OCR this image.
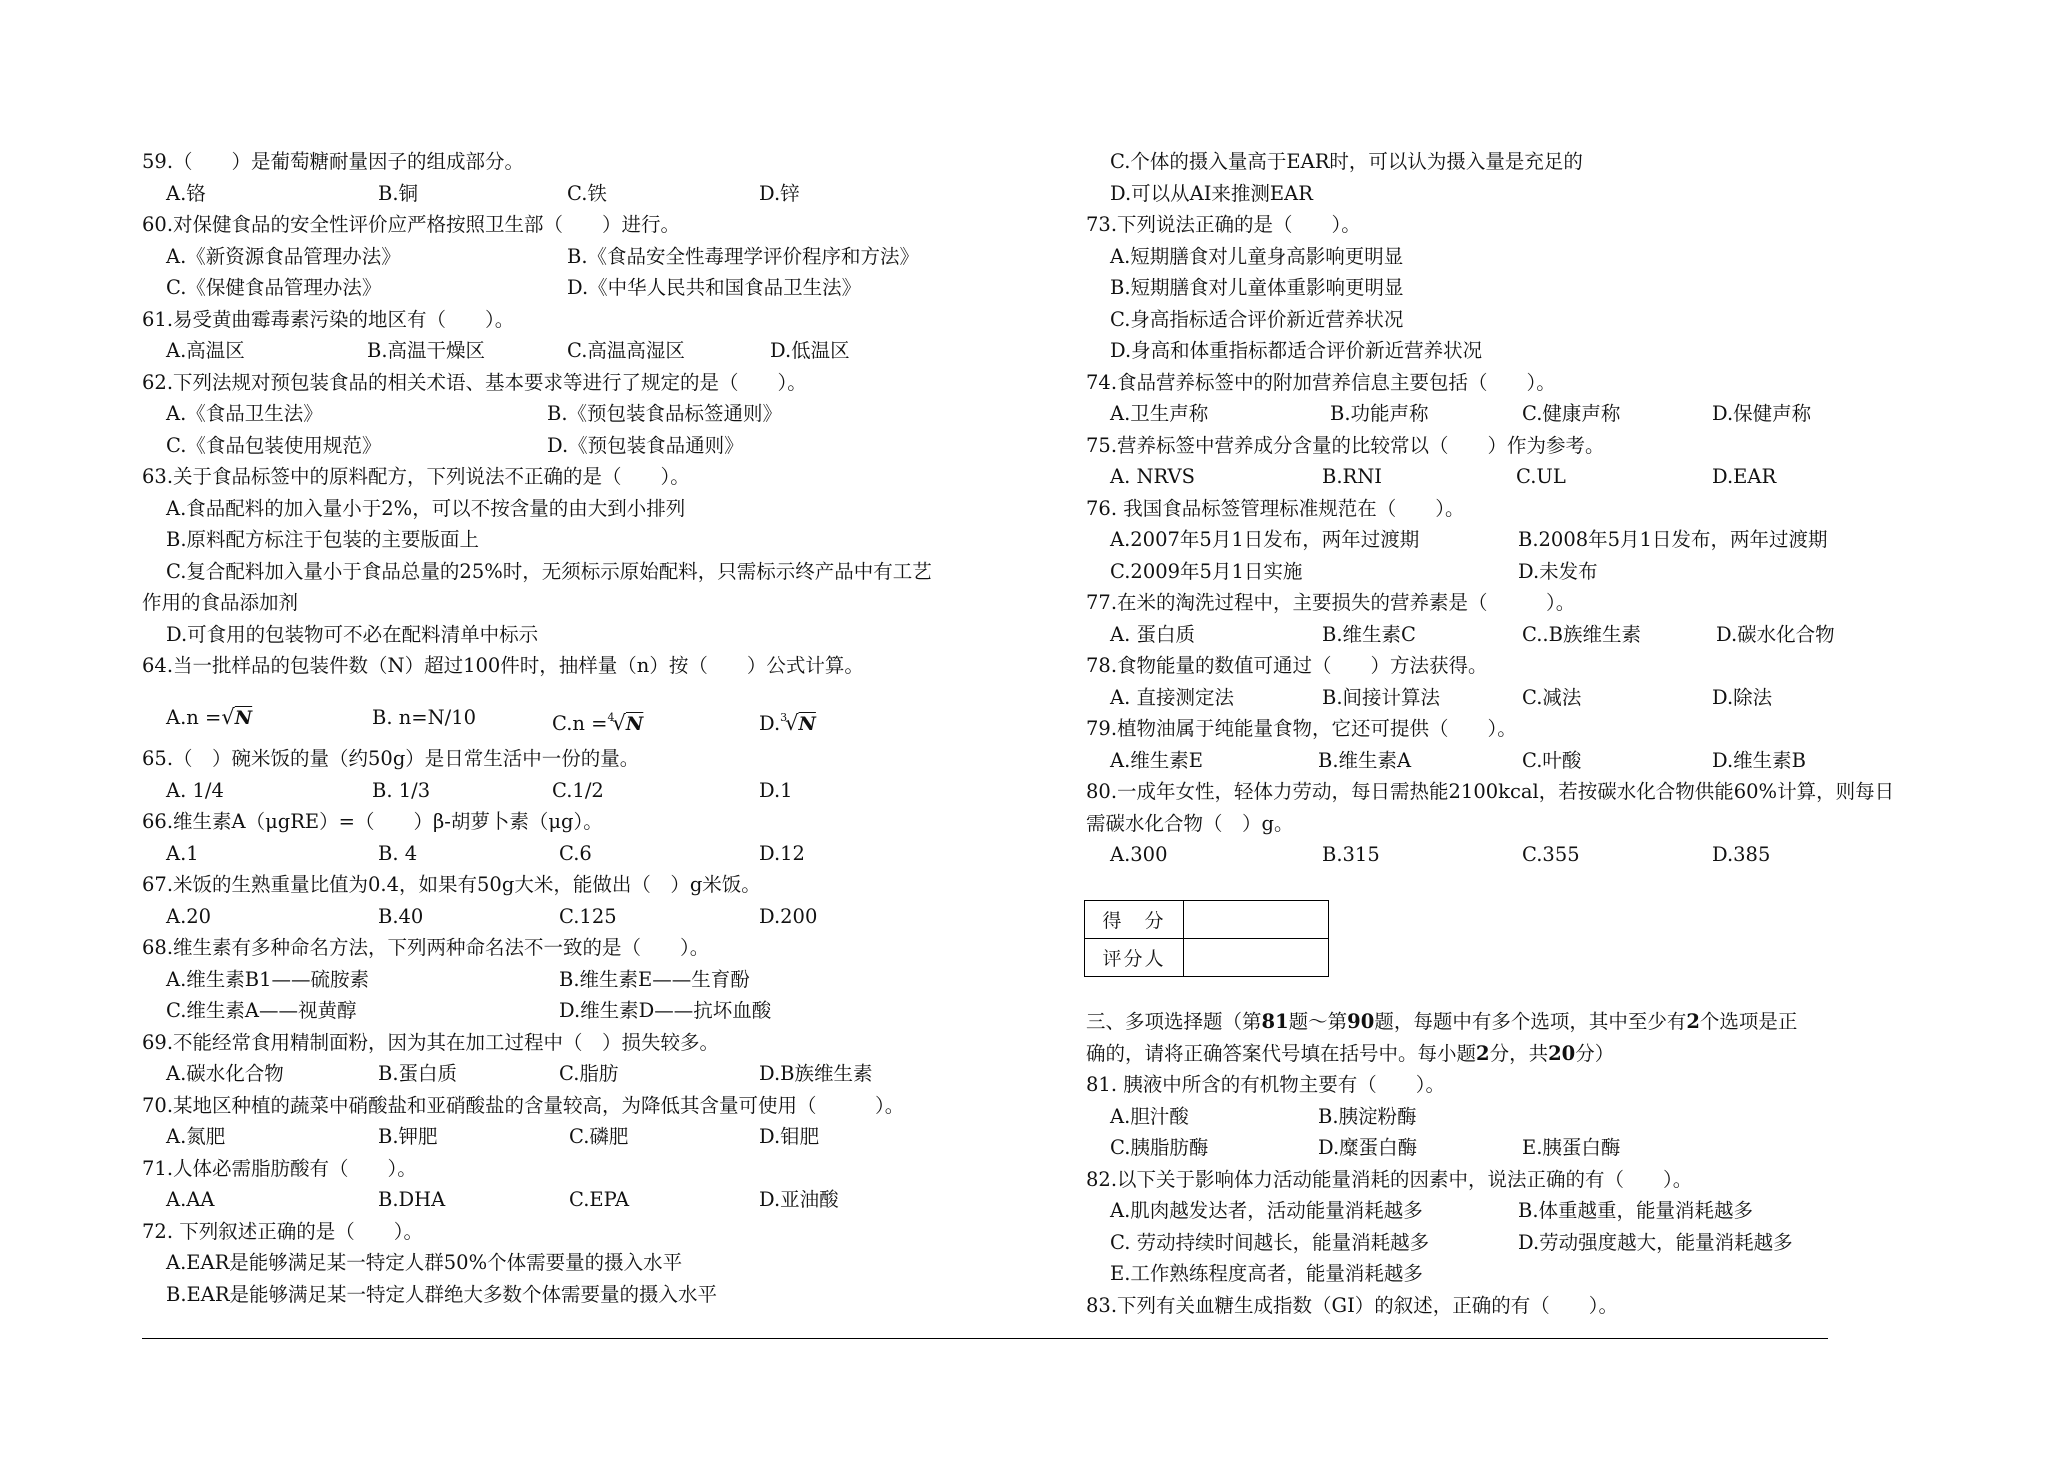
59.（　　）是葡萄糖耐量因子的组成部分。
A.铬	B.铜	C.铁	D.锌
60.对保健食品的安全性评价应严格按照卫生部（　　）进行。
A.《新资源食品管理办法》	B.《食品安全性毒理学评价程序和方法》
C.《保健食品管理办法》	D.《中华人民共和国食品卫生法》
61.易受黄曲霉毒素污染的地区有（　　）。
A.高温区	B.高温干燥区	C.高温高湿区	D.低温区
62.下列法规对预包装食品的相关术语、基本要求等进行了规定的是（　　）。
A.《食品卫生法》	B.《预包装食品标签通则》
C.《食品包装使用规范》	D.《预包装食品通则》
63.关于食品标签中的原料配方，下列说法不正确的是（　　）。
A.食品配料的加入量小于2%，可以不按含量的由大到小排列
B.原料配方标注于包装的主要版面上
C.复合配料加入量小于食品总量的25%时，无须标示原始配料，只需标示终产品中有工艺
作用的食品添加剂
D.可食用的包装物可不必在配料清单中标示
64.当一批样品的包装件数（N）超过100件时，抽样量（n）按（　　）公式计算。
A.n =√N	B. n=N/10	C.n =$^4$√N	D.$^3$√N
65.（　）碗米饭的量（约50g）是日常生活中一份的量。
A. 1/4	B. 1/3	C.1/2	D.1
66.维生素A（μgRE）=（　　）β-胡萝卜素（μg）。
A.1	B. 4	C.6	D.12
67.米饭的生熟重量比值为0.4，如果有50g大米，能做出（　）g米饭。
A.20	B.40	C.125	D.200
68.维生素有多种命名方法，下列两种命名法不一致的是（　　）。
A.维生素B1——硫胺素	B.维生素E——生育酚
C.维生素A——视黄醇	D.维生素D——抗坏血酸
69.不能经常食用精制面粉，因为其在加工过程中（　）损失较多。
A.碳水化合物	B.蛋白质	C.脂肪	D.B族维生素
70.某地区种植的蔬菜中硝酸盐和亚硝酸盐的含量较高，为降低其含量可使用（　　　）。
A.氮肥	B.钾肥	C.磷肥	D.钼肥
71.人体必需脂肪酸有（　　）。
A.AA	B.DHA	C.EPA	D.亚油酸
72. 下列叙述正确的是（　　）。
A.EAR是能够满足某一特定人群50%个体需要量的摄入水平
B.EAR是能够满足某一特定人群绝大多数个体需要量的摄入水平
C.个体的摄入量高于EAR时，可以认为摄入量是充足的
D.可以从AI来推测EAR
73.下列说法正确的是（　　）。
A.短期膳食对儿童身高影响更明显
B.短期膳食对儿童体重影响更明显
C.身高指标适合评价新近营养状况
D.身高和体重指标都适合评价新近营养状况
74.食品营养标签中的附加营养信息主要包括（　　）。
A.卫生声称	B.功能声称	C.健康声称	D.保健声称
75.营养标签中营养成分含量的比较常以（　　）作为参考。
A. NRVS	B.RNI	C.UL	D.EAR
76. 我国食品标签管理标准规范在（　　）。
A.2007年5月1日发布，两年过渡期	B.2008年5月1日发布，两年过渡期
C.2009年5月1日实施	D.未发布
77.在米的淘洗过程中，主要损失的营养素是（　　　）。
A. 蛋白质	B.维生素C	C..B族维生素	D.碳水化合物
78.食物能量的数值可通过（　　）方法获得。
A. 直接测定法	B.间接计算法	C.减法	D.除法
79.植物油属于纯能量食物，它还可提供（　　）。
A.维生素E	B.维生素A	C.叶酸	D.维生素B
80.一成年女性，轻体力劳动，每日需热能2100kcal，若按碳水化合物供能60%计算，则每日
需碳水化合物（　）g。
A.300	B.315	C.355	D.385
得　分	
评分人	
三、多项选择题（第81题～第90题，每题中有多个选项，其中至少有2个选项是正
确的，请将正确答案代号填在括号中。每小题2分，共20分）
81. 胰液中所含的有机物主要有（　　）。
A.胆汁酸	B.胰淀粉酶
C.胰脂肪酶	D.糜蛋白酶	E.胰蛋白酶
82.以下关于影响体力活动能量消耗的因素中，说法正确的有（　　）。
A.肌肉越发达者，活动能量消耗越多	B.体重越重，能量消耗越多
C. 劳动持续时间越长，能量消耗越多	D.劳动强度越大，能量消耗越多
E.工作熟练程度高者，能量消耗越多
83.下列有关血糖生成指数（GI）的叙述，正确的有（　　）。
